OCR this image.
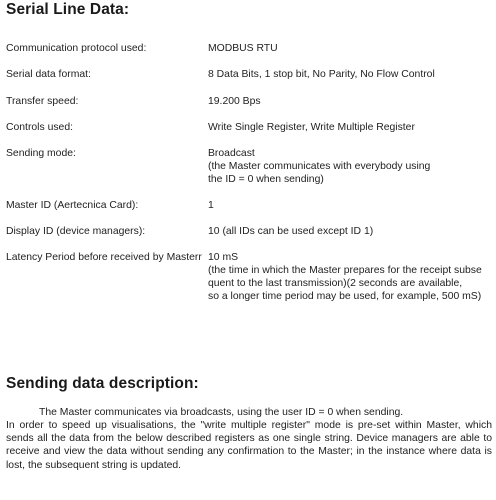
Serial Line Data:
Communication protocol used:	MODBUS RTU
Serial data format:	8 Data Bits, 1 stop bit, No Parity, No Flow Control
Transfer speed:	19.200 Bps
Controls used:	Write Single Register, Write Multiple Register
Sending mode:	Broadcast
(the Master communicates with everybody using
the ID = 0 when sending)
Master ID (Aertecnica Card):	1
Display ID (device managers):	10 (all IDs can be used except ID 1)
Latency Period before received by Masterr 10 mS
(the time in which the Master prepares for the receipt subse
quent to the last transmission)(2 seconds are available,
so a longer time period may be used, for example, 500 mS)
Sending data description:

The Master communicates via broadcasts, using the user ID = 0 when sending.

In order to speed up visualisations, the "write multiple register" mode is pre-set within Master, which sends all the data from the below described registers as one single string. Device managers are able to receive and view the data without sending any confirmation to the Master; in the instance where data is lost, the subsequent string is updated.
